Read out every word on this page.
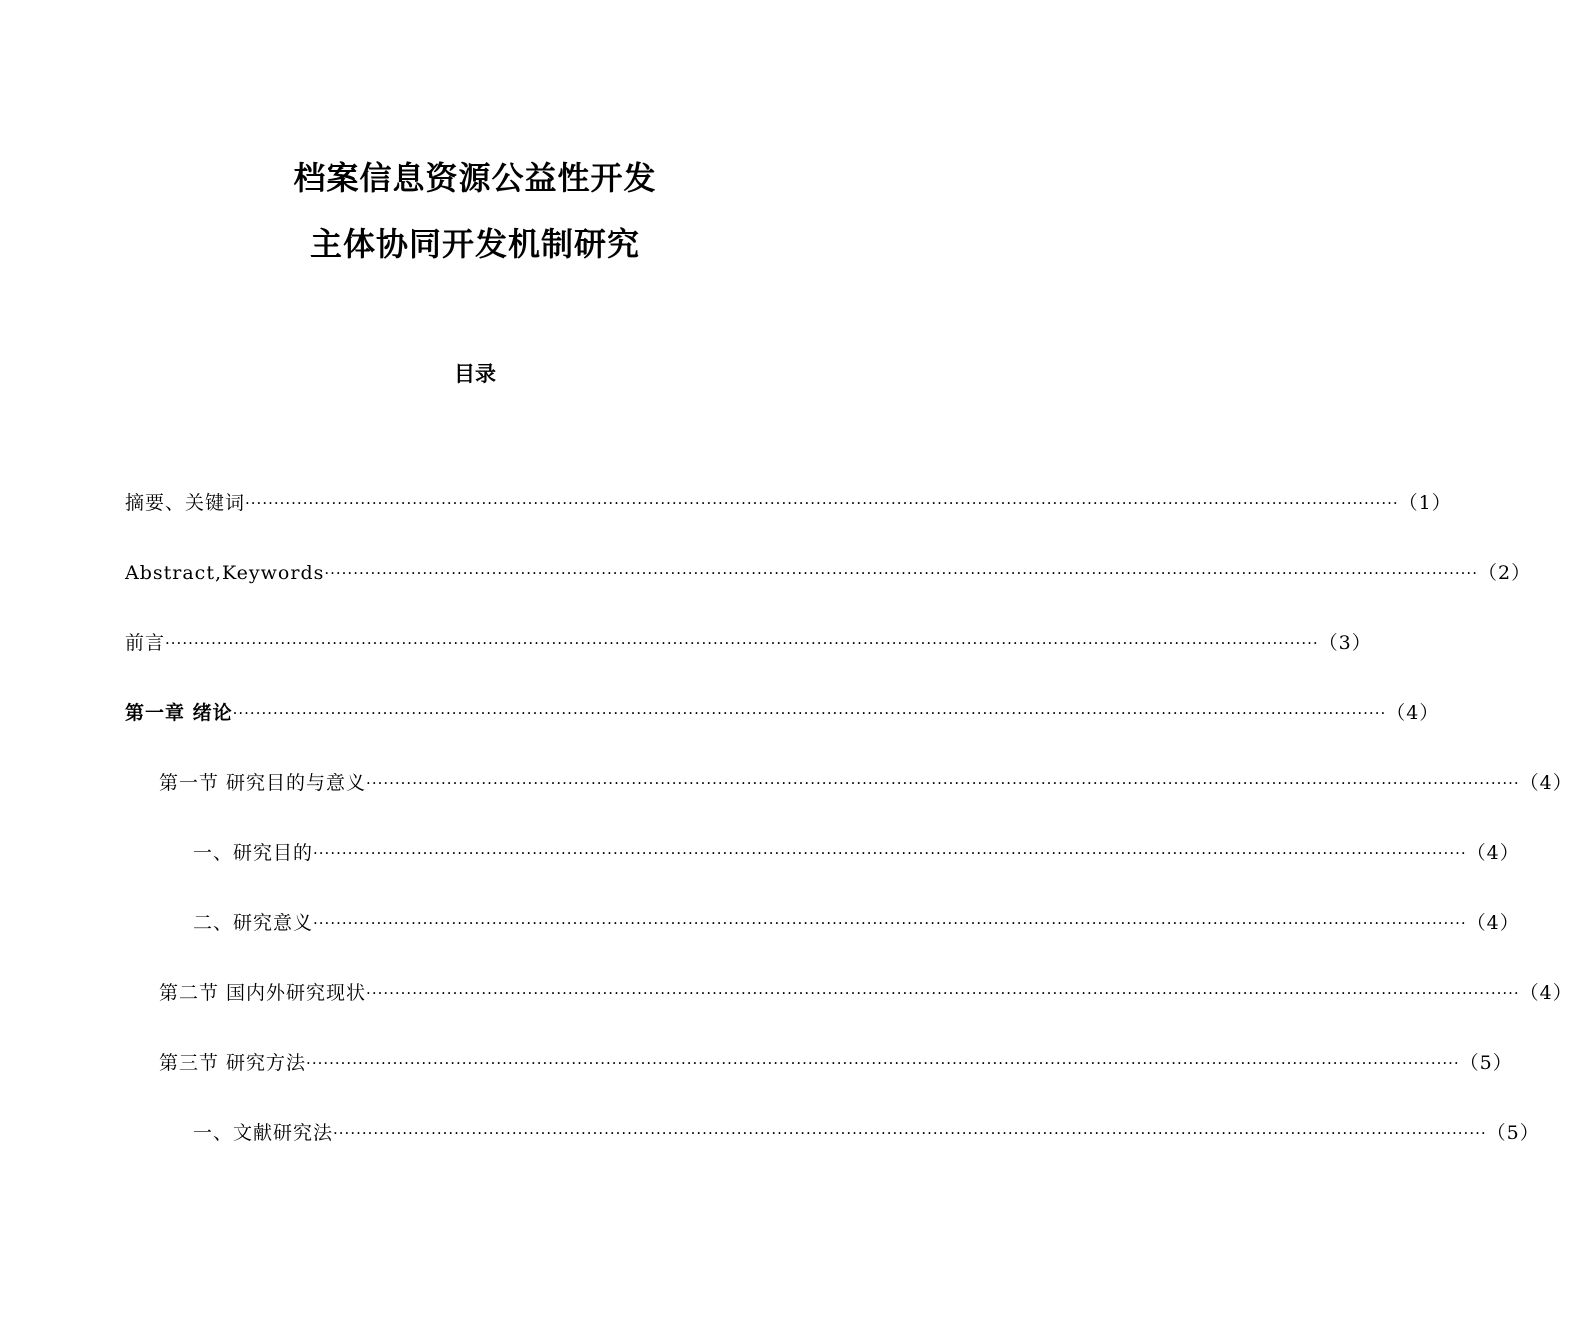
档案信息资源公益性开发
主体协同开发机制研究
目录
摘要、关键词 ········································································································································································································ （1）
Abstract,Keywords ········································································································································································································ （2）
前言 ········································································································································································································ （3）
第一章 绪论 ········································································································································································································ （4）
第一节 研究目的与意义 ········································································································································································································ （4）
一、研究目的 ········································································································································································································ （4）
二、研究意义 ········································································································································································································ （4）
第二节 国内外研究现状 ········································································································································································································ （4）
第三节 研究方法 ········································································································································································································ （5）
一、文献研究法 ········································································································································································································ （5）
